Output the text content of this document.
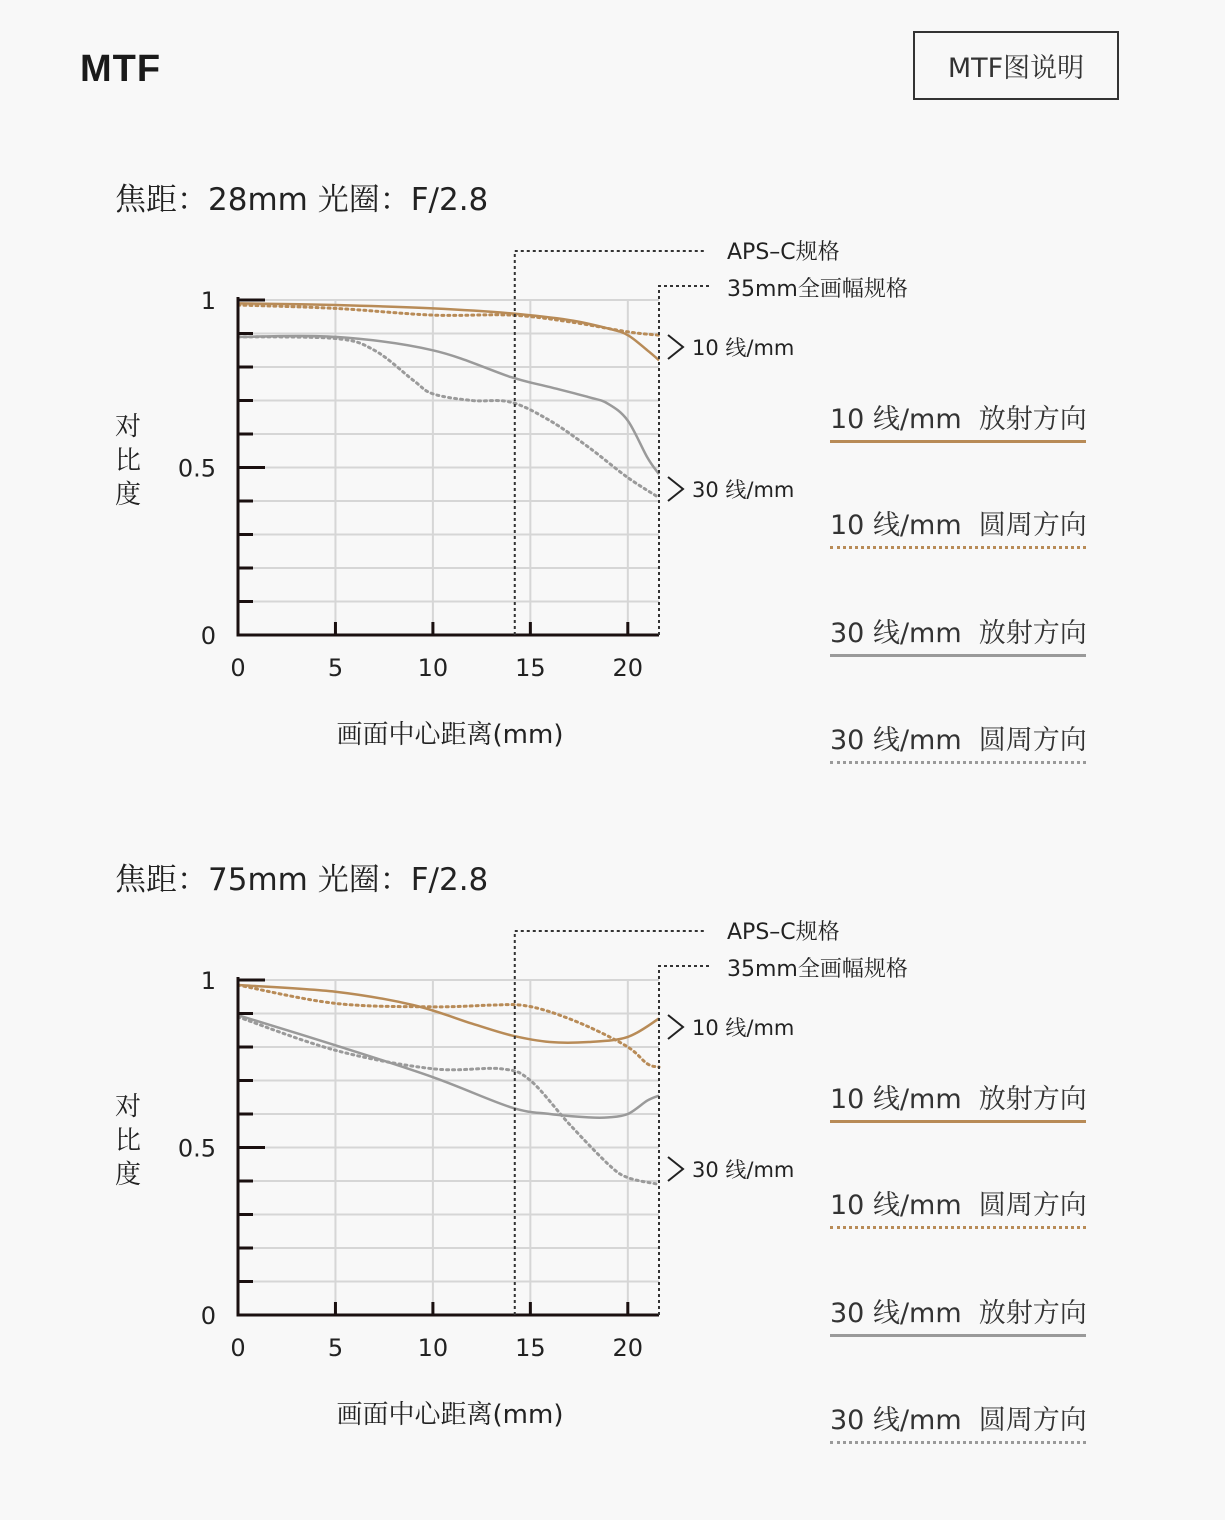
MTF	MTF图说明
焦距：28mm 光圈：F/2.8
0
0.5
1
0	5	10	15	20
对比度
画面中心距离(mm)
APS–C规格
35mm全画幅规格
10 线/mm
30 线/mm
10 线/mm  放射方向
10 线/mm  圆周方向
30 线/mm  放射方向
30 线/mm  圆周方向
焦距：75mm 光圈：F/2.8
0
0.5
1
0	5	10	15	20
对比度
画面中心距离(mm)
APS–C规格
35mm全画幅规格
10 线/mm
30 线/mm
10 线/mm  放射方向
10 线/mm  圆周方向
30 线/mm  放射方向
30 线/mm  圆周方向
